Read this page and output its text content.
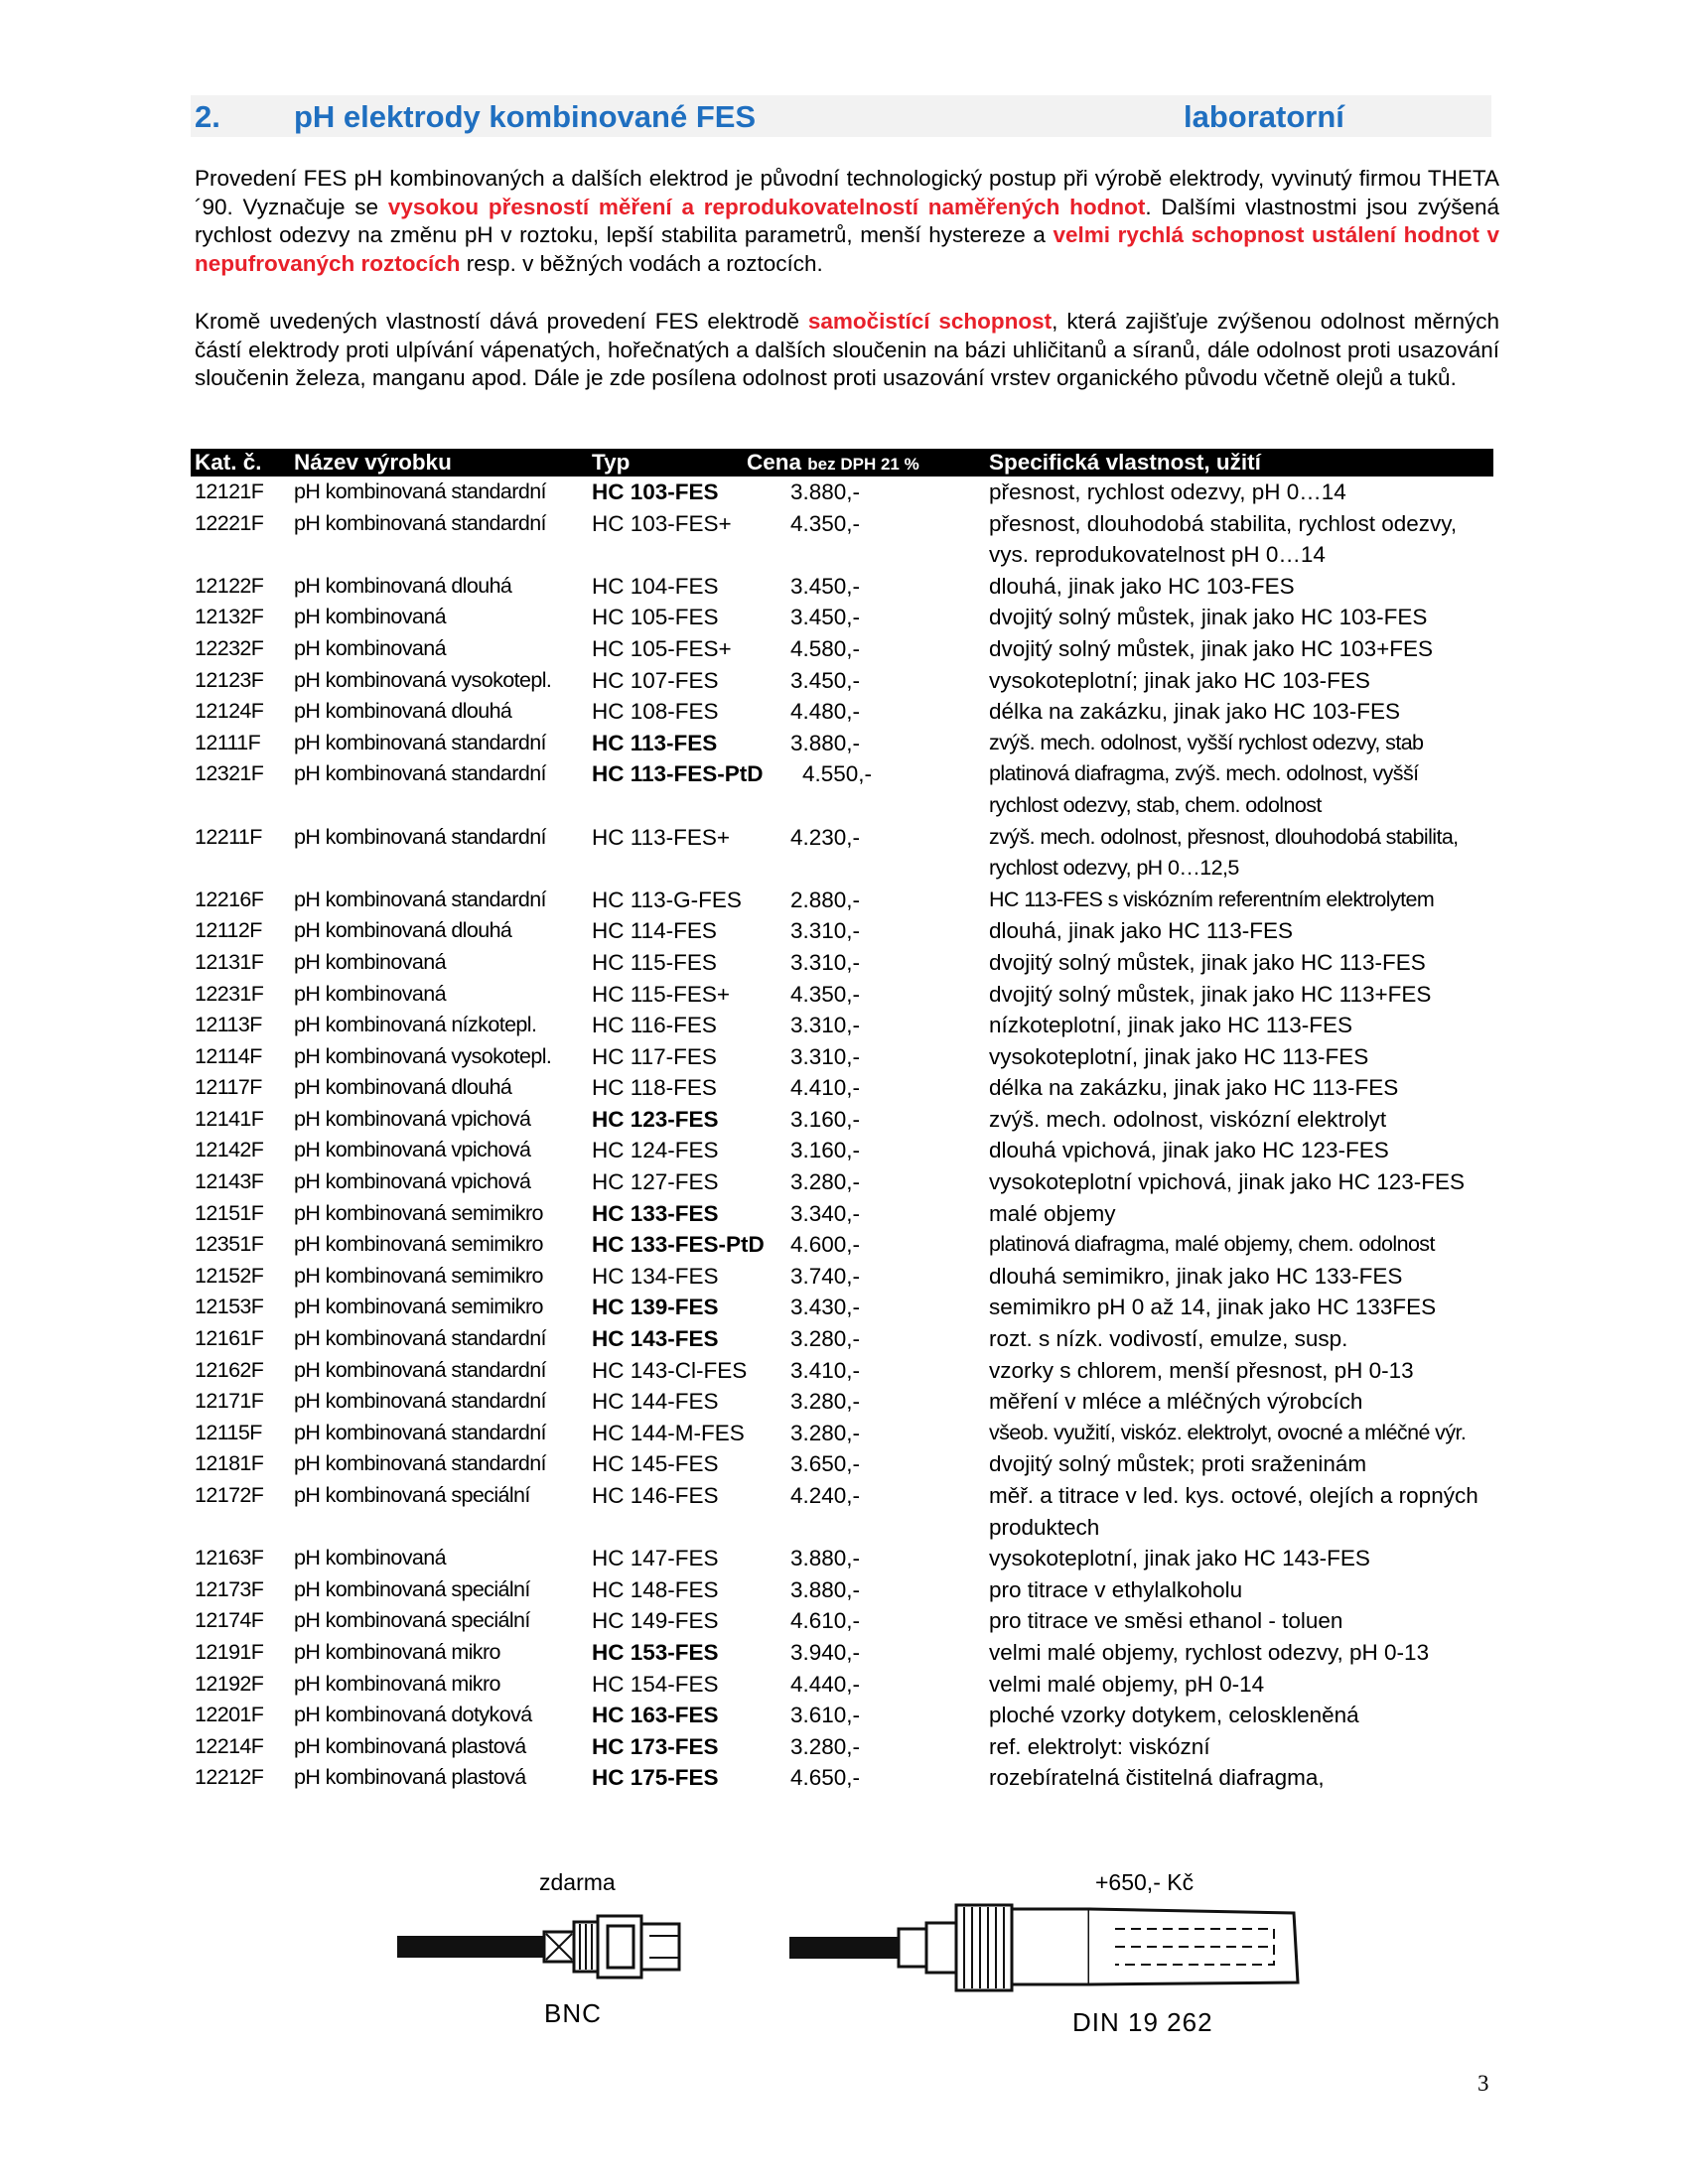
2. pH elektrody kombinované FES	laboratorní
Provedení FES pH kombinovaných a dalších elektrod je původní technologický postup při výrobě elektrody, vyvinutý firmou THETA ´90. Vyznačuje se vysokou přesností měření a reprodukovatelností naměřených hodnot. Dalšími vlastnostmi jsou zvýšená rychlost odezvy na změnu pH v roztoku, lepší stabilita parametrů, menší hystereze a velmi rychlá schopnost ustálení hodnot v nepufrovaných roztocích resp. v běžných vodách a roztocích.
Kromě uvedených vlastností dává provedení FES elektrodě samočistící schopnost, která zajišťuje zvýšenou odolnost měrných částí elektrody proti ulpívání vápenatých, hořečnatých a dalších sloučenin na bázi uhličitanů a síranů, dále odolnost proti usazování sloučenin železa, manganu apod. Dále je zde posílena odolnost proti usazování vrstev organického původu včetně olejů a tuků.
Kat. č. Název výrobku	Typ	Cena bez DPH 21 %	Specifická vlastnost, užití
12121F pH kombinovaná standardní HC 103-FES	3.880,-	přesnost, rychlost odezvy, pH 0…14
12221F pH kombinovaná standardní HC 103-FES+	4.350,-	přesnost, dlouhodobá stabilita, rychlost odezvy, vys. reprodukovatelnost pH 0…14
12122F pH kombinovaná dlouhá	HC 104-FES	3.450,-	dlouhá, jinak jako HC 103-FES
12132F pH kombinovaná	HC 105-FES	3.450,-	dvojitý solný můstek, jinak jako HC 103-FES
12232F pH kombinovaná	HC 105-FES+	4.580,-	dvojitý solný můstek, jinak jako HC 103+FES
12123F pH kombinovaná vysokotepl. HC 107-FES	3.450,-	vysokoteplotní; jinak jako HC 103-FES
12124F pH kombinovaná dlouhá	HC 108-FES	4.480,-	délka na zakázku, jinak jako HC 103-FES
12111F pH kombinovaná standardní HC 113-FES	3.880,-	zvýš. mech. odolnost, vyšší rychlost odezvy, stab
12321F pH kombinovaná standardní HC 113-FES-PtD 4.550,-	platinová diafragma, zvýš. mech. odolnost, vyšší rychlost odezvy, stab, chem. odolnost
12211F pH kombinovaná standardní HC 113-FES+	4.230,-	zvýš. mech. odolnost, přesnost, dlouhodobá stabilita, rychlost odezvy, pH 0…12,5
12216F pH kombinovaná standardní HC 113-G-FES 2.880,-	HC 113-FES s viskózním referentním elektrolytem
12112F pH kombinovaná dlouhá	HC 114-FES	3.310,-	dlouhá, jinak jako HC 113-FES
12131F pH kombinovaná	HC 115-FES	3.310,-	dvojitý solný můstek, jinak jako HC 113-FES
12231F pH kombinovaná	HC 115-FES+	4.350,-	dvojitý solný můstek, jinak jako HC 113+FES
12113F pH kombinovaná nízkotepl. HC 116-FES	3.310,-	nízkoteplotní, jinak jako HC 113-FES
12114F pH kombinovaná vysokotepl. HC 117-FES	3.310,-	vysokoteplotní, jinak jako HC 113-FES
12117F pH kombinovaná dlouhá	HC 118-FES	4.410,-	délka na zakázku, jinak jako HC 113-FES
12141F pH kombinovaná vpichová	HC 123-FES	3.160,-	zvýš. mech. odolnost, viskózní elektrolyt
12142F pH kombinovaná vpichová	HC 124-FES	3.160,-	dlouhá vpichová, jinak jako HC 123-FES
12143F pH kombinovaná vpichová	HC 127-FES	3.280,-	vysokoteplotní vpichová, jinak jako HC 123-FES
12151F pH kombinovaná semimikro HC 133-FES	3.340,-	malé objemy
12351F pH kombinovaná semimikro HC 133-FES-PtD 4.600,-	platinová diafragma, malé objemy, chem. odolnost
12152F pH kombinovaná semimikro HC 134-FES	3.740,-	dlouhá semimikro, jinak jako HC 133-FES
12153F pH kombinovaná semimikro HC 139-FES	3.430,-	semimikro pH 0 až 14, jinak jako HC 133FES
12161F pH kombinovaná standardní HC 143-FES	3.280,-	rozt. s nízk. vodivostí, emulze, susp.
12162F pH kombinovaná standardní HC 143-Cl-FES 3.410,-	vzorky s chlorem, menší přesnost, pH 0-13
12171F pH kombinovaná standardní HC 144-FES	3.280,-	měření v mléce a mléčných výrobcích
12115F pH kombinovaná standardní HC 144-M-FES 3.280,-	všeob. využití, viskóz. elektrolyt, ovocné a mléčné výr.
12181F pH kombinovaná standardní HC 145-FES	3.650,-	dvojitý solný můstek; proti sraženinám
12172F pH kombinovaná speciální	HC 146-FES	4.240,-	měř. a titrace v led. kys. octové, olejích a ropných produktech
12163F pH kombinovaná	HC 147-FES	3.880,-	vysokoteplotní, jinak jako HC 143-FES
12173F pH kombinovaná speciální	HC 148-FES	3.880,-	pro titrace v ethylalkoholu
12174F pH kombinovaná speciální	HC 149-FES	4.610,-	pro titrace ve směsi ethanol - toluen
12191F pH kombinovaná mikro	HC 153-FES	3.940,-	velmi malé objemy, rychlost odezvy, pH 0-13
12192F pH kombinovaná mikro	HC 154-FES	4.440,-	velmi malé objemy, pH 0-14
12201F pH kombinovaná dotyková	HC 163-FES	3.610,-	ploché vzorky dotykem, celoskleněná
12214F pH kombinovaná plastová	HC 173-FES	3.280,-	ref. elektrolyt: viskózní
12212F pH kombinovaná plastová	HC 175-FES	4.650,-	rozebíratelná čistitelná diafragma,
zdarma	+650,- Kč
BNC	DIN 19 262
3
